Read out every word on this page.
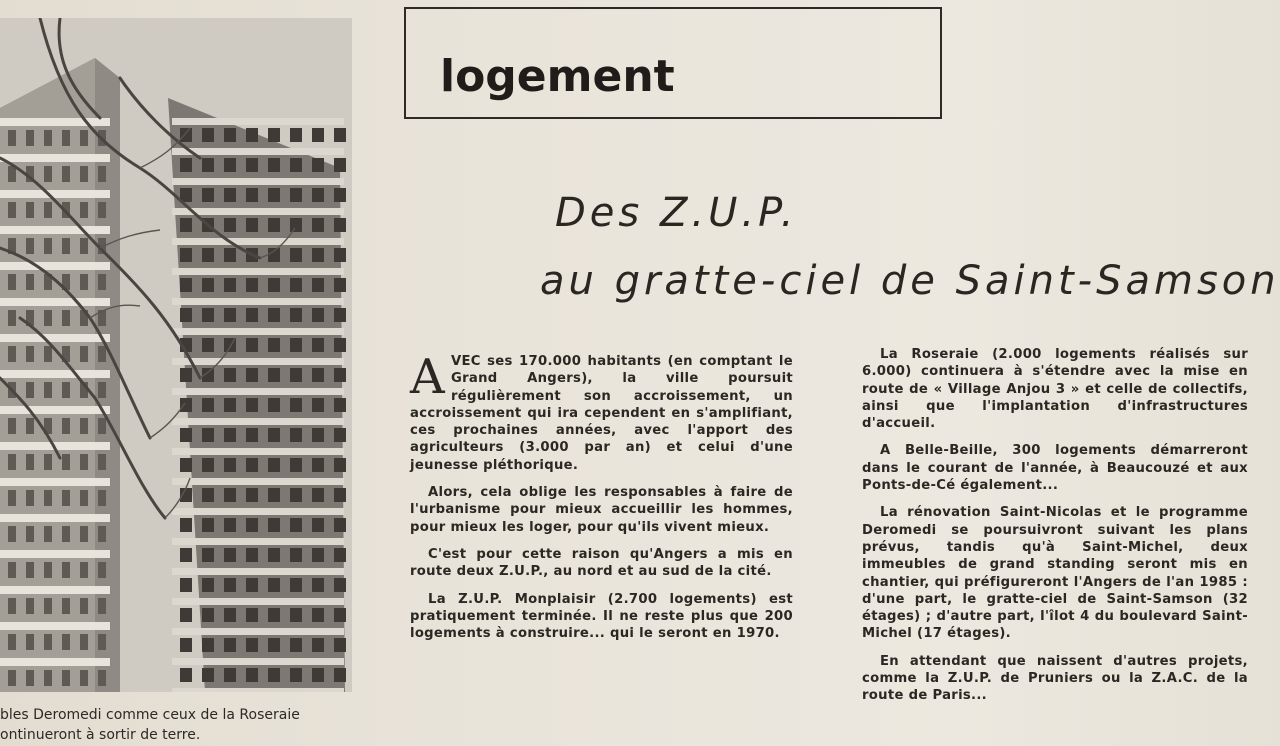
bles Deromedi comme ceux de la Roseraie
ontinueront à sortir de terre.
logement
Des Z.U.P.
au gratte-ciel de Saint-Samson

AVEC ses 170.000 habitants (en comptant le Grand Angers), la ville poursuit régulièrement son accroissement, un accroissement qui ira cependent en s'amplifiant, ces prochaines années, avec l'apport des agriculteurs (3.000 par an) et celui d'une jeunesse pléthorique.

Alors, cela oblige les responsables à faire de l'urbanisme pour mieux accueillir les hommes, pour mieux les loger, pour qu'ils vivent mieux.

C'est pour cette raison qu'Angers a mis en route deux Z.U.P., au nord et au sud de la cité.

La Z.U.P. Monplaisir (2.700 logements) est pratiquement terminée. Il ne reste plus que 200 logements à construire... qui le seront en 1970.

La Roseraie (2.000 logements réalisés sur 6.000) continuera à s'étendre avec la mise en route de « Village Anjou 3 » et celle de collectifs, ainsi que l'implantation d'infrastructures d'accueil.

A Belle-Beille, 300 logements démarreront dans le courant de l'année, à Beaucouzé et aux Ponts-de-Cé également...

La rénovation Saint-Nicolas et le programme Deromedi se poursuivront suivant les plans prévus, tandis qu'à Saint-Michel, deux immeubles de grand standing seront mis en chantier, qui préfigureront l'Angers de l'an 1985 : d'une part, le gratte-ciel de Saint-Samson (32 étages) ; d'autre part, l'îlot 4 du boulevard Saint-Michel (17 étages).

En attendant que naissent d'autres projets, comme la Z.U.P. de Pruniers ou la Z.A.C. de la route de Paris...
